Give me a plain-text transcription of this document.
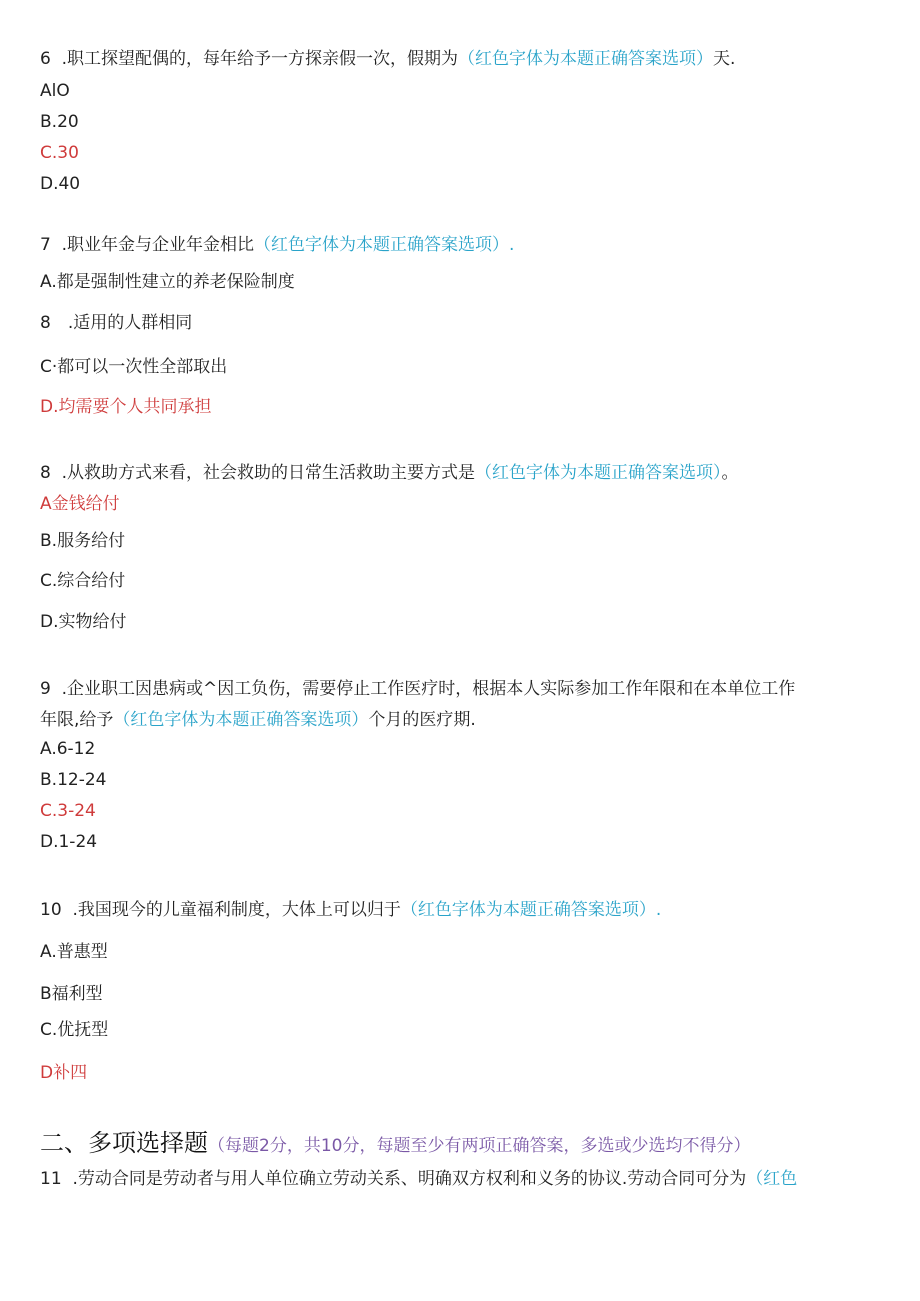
6 .职工探望配偶的，每年给予一方探亲假一次，假期为（红色字体为本题正确答案选项）天.
AlO
B.20
C.30
D.40
7 .职业年金与企业年金相比（红色字体为本题正确答案选项）.
A.都是强制性建立的养老保险制度
8　.适用的人群相同
C·都可以一次性全部取出
D.均需要个人共同承担
8 .从救助方式来看，社会救助的日常生活救助主要方式是（红色字体为本题正确答案选项）。
A金钱给付
B.服务给付
C.综合给付
D.实物给付
9 .企业职工因患病或^因工负伤，需要停止工作医疗时，根据本人实际参加工作年限和在本单位工作
年限,给予（红色字体为本题正确答案选项）个月的医疗期.
A.6-12
B.12-24
C.3-24
D.1-24
10 .我国现今的儿童福利制度，大体上可以归于（红色字体为本题正确答案选项）.
A.普惠型
B福利型
C.优抚型
D补四
二、多项选择题（每题2分，共10分，每题至少有两项正确答案，多选或少选均不得分）
11 .劳动合同是劳动者与用人单位确立劳动关系、明确双方权利和义务的协议.劳动合同可分为（红色
